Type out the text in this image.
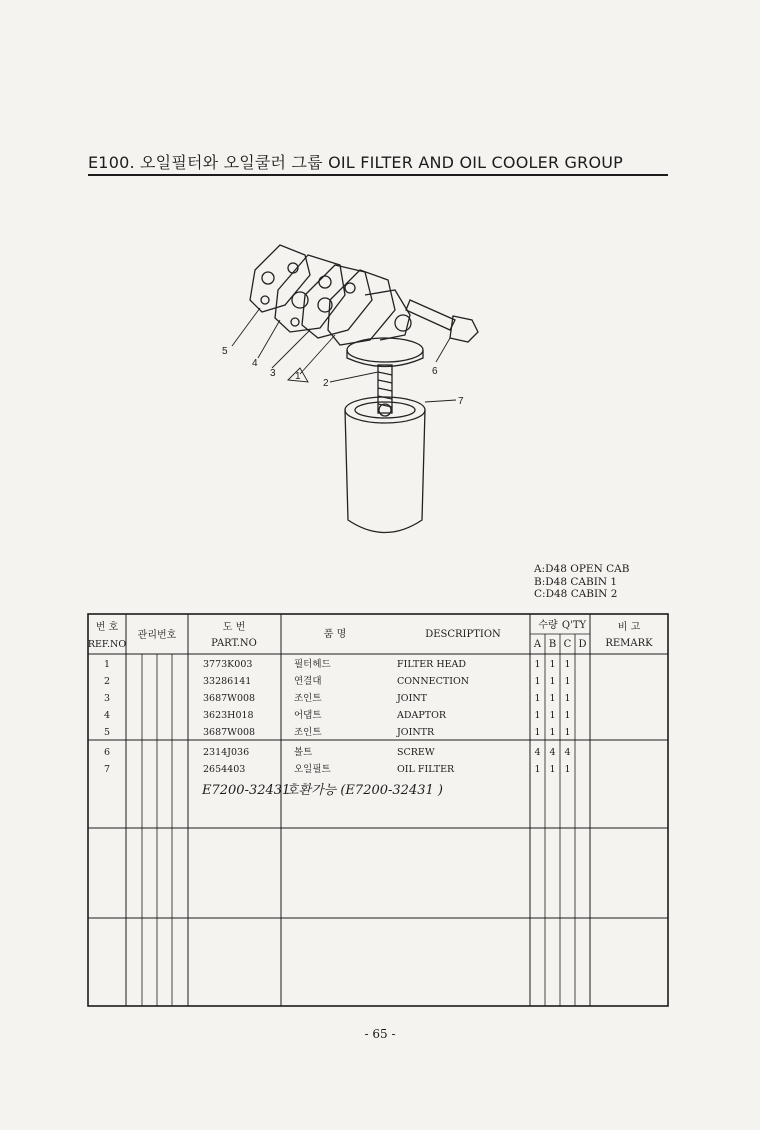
E100. 오일필터와 오일쿨러 그룹 OIL FILTER AND OIL COOLER GROUP
5
4
3 1
2
6
7
A:D48 OPEN CAB
B:D48 CABIN 1
C:D48 CABIN 2
번 호
REF.NO
관리번호
도 번
PART.NO
품 명	DESCRIPTION
수량 Q'TY
A B C D
비 고
REMARK
E7200-32431
호환가능 (E7200-32431 )
1	3773K003	필터헤드	FILTER HEAD	1 1 1
2	33286141	연결대	CONNECTION	1 1 1
3	3687W008	조인트	JOINT	1 1 1
4	3623H018	어댑트	ADAPTOR	1 1 1
5	3687W008	조인트	JOINTR	1 1 1
6	2314J036	볼트	SCREW	4 4 4
7	2654403	오일필트	OIL FILTER	1 1 1
- 65 -
